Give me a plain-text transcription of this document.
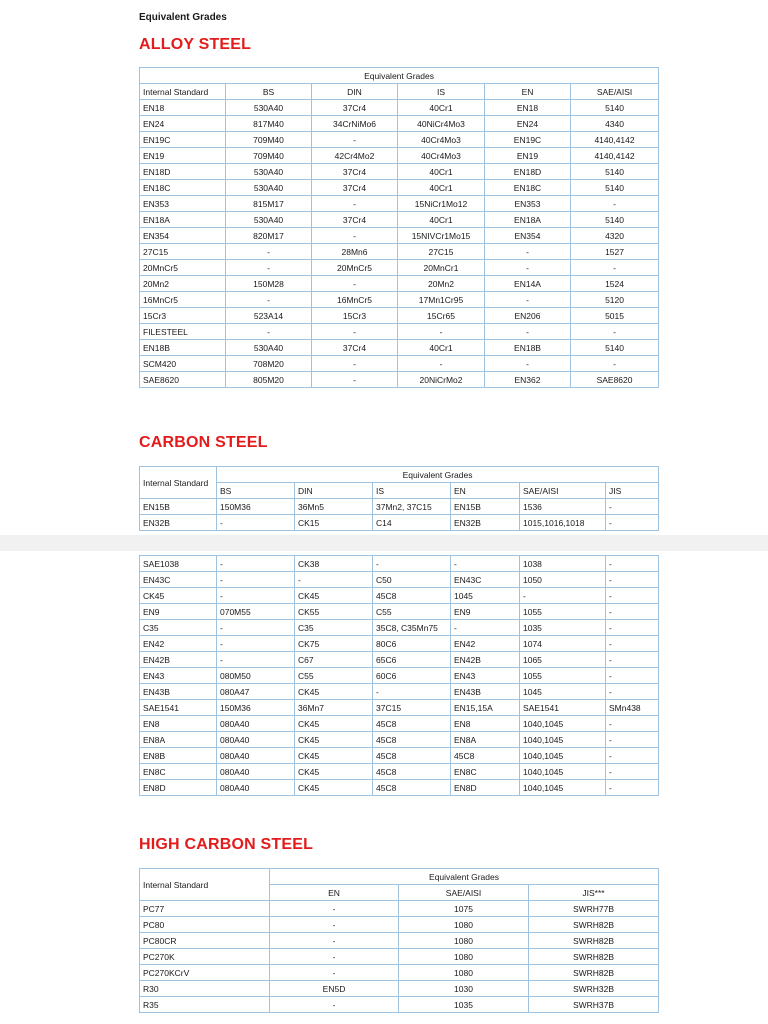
Equivalent Grades
ALLOY STEEL
Equivalent Grades					
Internal Standard	BS	DIN	IS	EN	SAE/AISI
EN18	530A40	37Cr4	40Cr1	EN18	5140
EN24	817M40	34CrNiMo6	40NiCr4Mo3	EN24	4340
EN19C	709M40	-	40Cr4Mo3	EN19C	4140,4142
EN19	709M40	42Cr4Mo2	40Cr4Mo3	EN19	4140,4142
EN18D	530A40	37Cr4	40Cr1	EN18D	5140
EN18C	530A40	37Cr4	40Cr1	EN18C	5140
EN353	815M17	-	15NiCr1Mo12	EN353	-
EN18A	530A40	37Cr4	40Cr1	EN18A	5140
EN354	820M17	-	15NIVCr1Mo15	EN354	4320
27C15	-	28Mn6	27C15	-	1527
20MnCr5	-	20MnCr5	20MnCr1	-	-
20Mn2	150M28	-	20Mn2	EN14A	1524
16MnCr5	-	16MnCr5	17Mn1Cr95	-	5120
15Cr3	523A14	15Cr3	15Cr65	EN206	5015
FILESTEEL	-	-	-	-	-
EN18B	530A40	37Cr4	40Cr1	EN18B	5140
SCM420	708M20	-	-	-	-
SAE8620	805M20	-	20NiCrMo2	EN362	SAE8620
CARBON STEEL
Internal Standard	Equivalent Grades					
	BS	DIN	IS	EN	SAE/AISI	JIS
EN15B	150M36	36Mn5	37Mn2, 37C15	EN15B	1536	-
EN32B	-	CK15	C14	EN32B	1015,1016,1018	-
SAE1038	-	CK38	-	-	1038	-
EN43C	-	-	C50	EN43C	1050	-
CK45	-	CK45	45C8	1045	-	-
EN9	070M55	CK55	C55	EN9	1055	-
C35	-	C35	35C8, C35Mn75	-	1035	-
EN42	-	CK75	80C6	EN42	1074	-
EN42B	-	C67	65C6	EN42B	1065	-
EN43	080M50	C55	60C6	EN43	1055	-
EN43B	080A47	CK45	-	EN43B	1045	-
SAE1541	150M36	36Mn7	37C15	EN15,15A	SAE1541	SMn438
EN8	080A40	CK45	45C8	EN8	1040,1045	-
EN8A	080A40	CK45	45C8	EN8A	1040,1045	-
EN8B	080A40	CK45	45C8	45C8	1040,1045	-
EN8C	080A40	CK45	45C8	EN8C	1040,1045	-
EN8D	080A40	CK45	45C8	EN8D	1040,1045	-
HIGH CARBON STEEL
Internal Standard	Equivalent Grades		
	EN	SAE/AISI	JIS***
PC77	-	1075	SWRH77B
PC80	-	1080	SWRH82B
PC80CR	-	1080	SWRH82B
PC270K	-	1080	SWRH82B
PC270KCrV	-	1080	SWRH82B
R30	EN5D	1030	SWRH32B
R35	-	1035	SWRH37B
